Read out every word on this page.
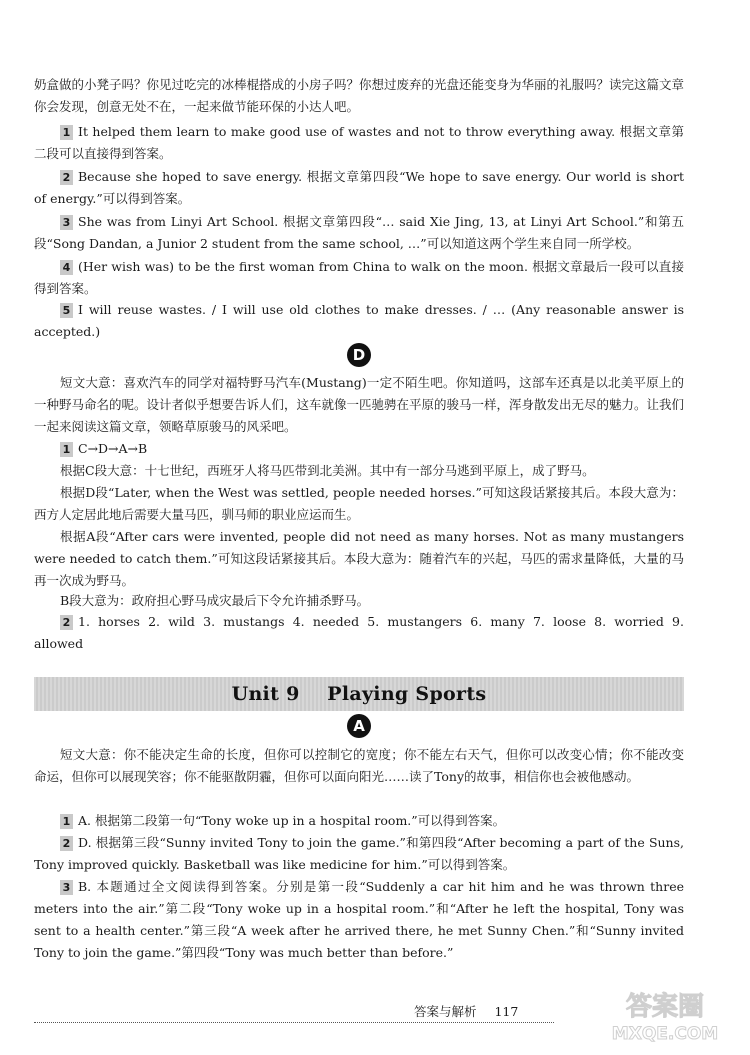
奶盒做的小凳子吗？你见过吃完的冰棒棍搭成的小房子吗？你想过废弃的光盘还能变身为华丽的礼服吗？读完这篇文章你会发现，创意无处不在，一起来做节能环保的小达人吧。

1 It helped them learn to make good use of wastes and not to throw everything away. 根据文章第二段可以直接得到答案。

2 Because she hoped to save energy. 根据文章第四段“We hope to save energy. Our world is short of energy.”可以得到答案。

3 She was from Linyi Art School. 根据文章第四段“… said Xie Jing, 13, at Linyi Art School.”和第五段“Song Dandan, a Junior 2 student from the same school, …”可以知道这两个学生来自同一所学校。

4 (Her wish was) to be the first woman from China to walk on the moon. 根据文章最后一段可以直接得到答案。

5 I will reuse wastes. / I will use old clothes to make dresses. / … (Any reasonable answer is accepted.)

D

短文大意：喜欢汽车的同学对福特野马汽车(Mustang)一定不陌生吧。你知道吗，这部车还真是以北美平原上的一种野马命名的呢。设计者似乎想要告诉人们，这车就像一匹驰骋在平原的骏马一样，浑身散发出无尽的魅力。让我们一起来阅读这篇文章，领略草原骏马的风采吧。

1 C→D→A→B

根据C段大意：十七世纪，西班牙人将马匹带到北美洲。其中有一部分马逃到平原上，成了野马。

根据D段“Later, when the West was settled, people needed horses.”可知这段话紧接其后。本段大意为：西方人定居此地后需要大量马匹，驯马师的职业应运而生。

根据A段“After cars were invented, people did not need as many horses. Not as many mustangers were needed to catch them.”可知这段话紧接其后。本段大意为：随着汽车的兴起，马匹的需求量降低，大量的马再一次成为野马。

B段大意为：政府担心野马成灾最后下令允许捕杀野马。

2 1. horses 2. wild 3. mustangs 4. needed 5. mustangers 6. many 7. loose 8. worried 9. allowed

Unit 9    Playing Sports
A

短文大意：你不能决定生命的长度，但你可以控制它的宽度；你不能左右天气，但你可以改变心情；你不能改变命运，但你可以展现笑容；你不能驱散阴霾，但你可以面向阳光……读了Tony的故事，相信你也会被他感动。

1 A. 根据第二段第一句“Tony woke up in a hospital room.”可以得到答案。

2 D. 根据第三段“Sunny invited Tony to join the game.”和第四段“After becoming a part of the Suns, Tony improved quickly. Basketball was like medicine for him.”可以得到答案。

3 B. 本题通过全文阅读得到答案。分别是第一段“Suddenly a car hit him and he was thrown three meters into the air.”第二段“Tony woke up in a hospital room.”和“After he left the hospital, Tony was sent to a health center.”第三段“A week after he arrived there, he met Sunny Chen.”和“Sunny invited Tony to join the game.”第四段“Tony was much better than before.”

答案与解析 117	答案圈
MXQE.COM
